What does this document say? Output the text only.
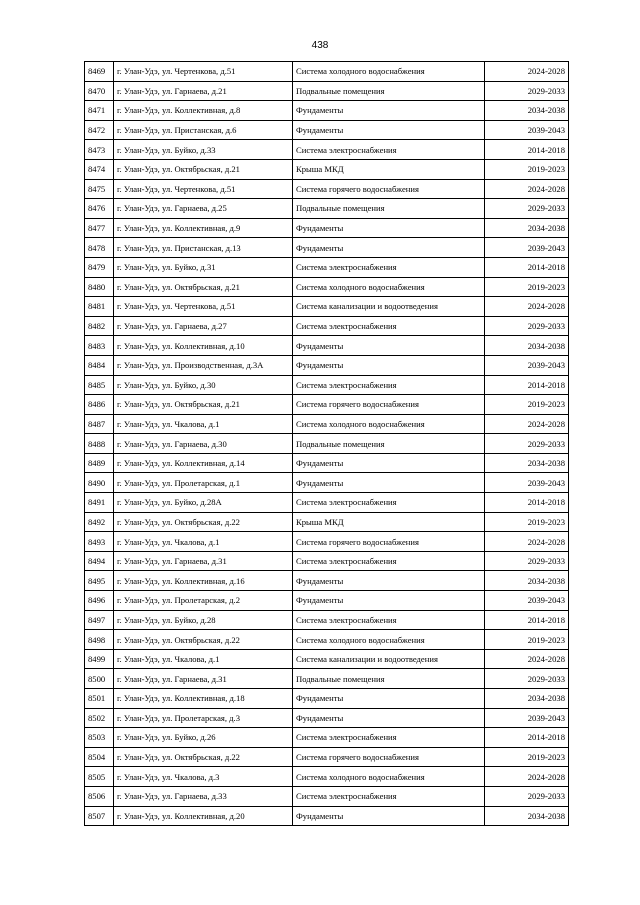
438
8469	г. Улан-Удэ, ул. Чертенкова, д.51	Система холодного водоснабжения	2024-2028
8470	г. Улан-Удэ, ул. Гарнаева, д.21	Подвальные помещения	2029-2033
8471	г. Улан-Удэ, ул. Коллективная, д.8	Фундаменты	2034-2038
8472	г. Улан-Удэ, ул. Пристанская, д.6	Фундаменты	2039-2043
8473	г. Улан-Удэ, ул. Буйко, д.33	Система электроснабжения	2014-2018
8474	г. Улан-Удэ, ул. Октябрьская, д.21	Крыша МКД	2019-2023
8475	г. Улан-Удэ, ул. Чертенкова, д.51	Система горячего водоснабжения	2024-2028
8476	г. Улан-Удэ, ул. Гарнаева, д.25	Подвальные помещения	2029-2033
8477	г. Улан-Удэ, ул. Коллективная, д.9	Фундаменты	2034-2038
8478	г. Улан-Удэ, ул. Пристанская, д.13	Фундаменты	2039-2043
8479	г. Улан-Удэ, ул. Буйко, д.31	Система электроснабжения	2014-2018
8480	г. Улан-Удэ, ул. Октябрьская, д.21	Система холодного водоснабжения	2019-2023
8481	г. Улан-Удэ, ул. Чертенкова, д.51	Система канализации и водоотведения	2024-2028
8482	г. Улан-Удэ, ул. Гарнаева, д.27	Система электроснабжения	2029-2033
8483	г. Улан-Удэ, ул. Коллективная, д.10	Фундаменты	2034-2038
8484	г. Улан-Удэ, ул. Производственная, д.3А	Фундаменты	2039-2043
8485	г. Улан-Удэ, ул. Буйко, д.30	Система электроснабжения	2014-2018
8486	г. Улан-Удэ, ул. Октябрьская, д.21	Система горячего водоснабжения	2019-2023
8487	г. Улан-Удэ, ул. Чкалова, д.1	Система холодного водоснабжения	2024-2028
8488	г. Улан-Удэ, ул. Гарнаева, д.30	Подвальные помещения	2029-2033
8489	г. Улан-Удэ, ул. Коллективная, д.14	Фундаменты	2034-2038
8490	г. Улан-Удэ, ул. Пролетарская, д.1	Фундаменты	2039-2043
8491	г. Улан-Удэ, ул. Буйко, д.28А	Система электроснабжения	2014-2018
8492	г. Улан-Удэ, ул. Октябрьская, д.22	Крыша МКД	2019-2023
8493	г. Улан-Удэ, ул. Чкалова, д.1	Система горячего водоснабжения	2024-2028
8494	г. Улан-Удэ, ул. Гарнаева, д.31	Система электроснабжения	2029-2033
8495	г. Улан-Удэ, ул. Коллективная, д.16	Фундаменты	2034-2038
8496	г. Улан-Удэ, ул. Пролетарская, д.2	Фундаменты	2039-2043
8497	г. Улан-Удэ, ул. Буйко, д.28	Система электроснабжения	2014-2018
8498	г. Улан-Удэ, ул. Октябрьская, д.22	Система холодного водоснабжения	2019-2023
8499	г. Улан-Удэ, ул. Чкалова, д.1	Система канализации и водоотведения	2024-2028
8500	г. Улан-Удэ, ул. Гарнаева, д.31	Подвальные помещения	2029-2033
8501	г. Улан-Удэ, ул. Коллективная, д.18	Фундаменты	2034-2038
8502	г. Улан-Удэ, ул. Пролетарская, д.3	Фундаменты	2039-2043
8503	г. Улан-Удэ, ул. Буйко, д.26	Система электроснабжения	2014-2018
8504	г. Улан-Удэ, ул. Октябрьская, д.22	Система горячего водоснабжения	2019-2023
8505	г. Улан-Удэ, ул. Чкалова, д.3	Система холодного водоснабжения	2024-2028
8506	г. Улан-Удэ, ул. Гарнаева, д.33	Система электроснабжения	2029-2033
8507	г. Улан-Удэ, ул. Коллективная, д.20	Фундаменты	2034-2038
